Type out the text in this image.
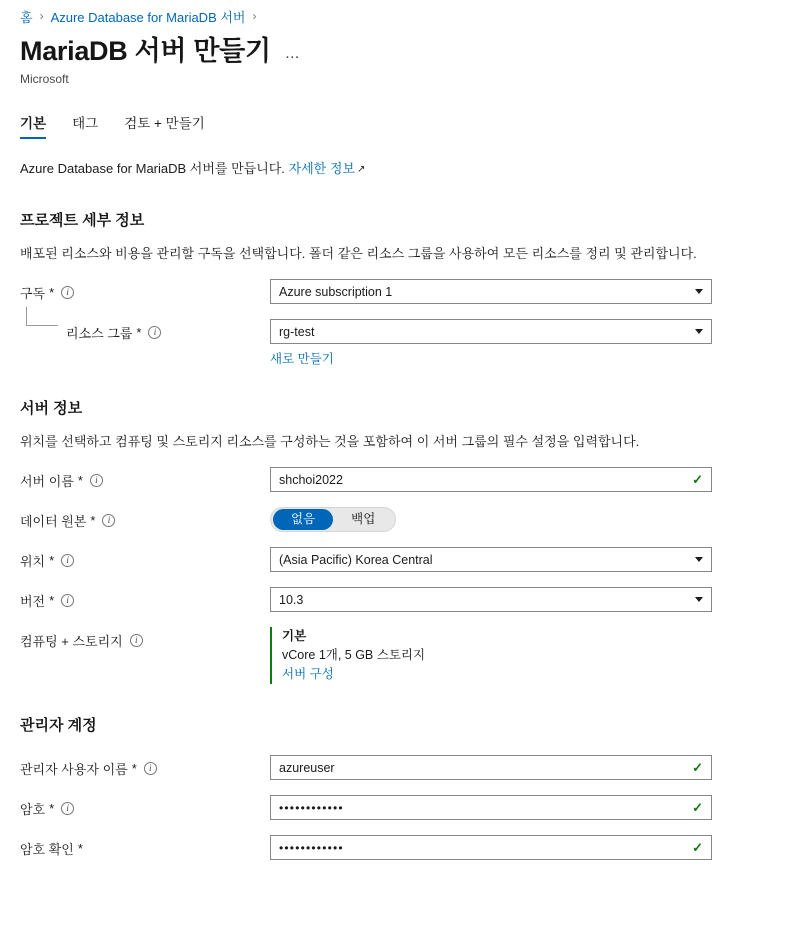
홈 › Azure Database for MariaDB 서버 ›
MariaDB 서버 만들기 …
Microsoft
기본 태그 검토 + 만들기
Azure Database for MariaDB 서버를 만듭니다. 자세한 정보 ↗
프로젝트 세부 정보
배포된 리소스와 비용을 관리할 구독을 선택합니다. 폴더 같은 리소스 그룹을 사용하여 모든 리소스를 정리 및 관리합니다.
구독 *	i	Azure subscription 1
리소스 그룹 *	i	rg-test
새로 만들기
서버 정보
위치를 선택하고 컴퓨팅 및 스토리지 리소스를 구성하는 것을 포함하여 이 서버 그룹의 필수 설정을 입력합니다.
서버 이름 *	i	shchoi2022	✓
데이터 원본 *	i	없음	백업
위치 *	i	(Asia Pacific) Korea Central
버전 *	i	10.3
컴퓨팅 + 스토리지	i	기본
vCore 1개, 5 GB 스토리지
서버 구성
관리자 계정
관리자 사용자 이름 *	i	azureuser	✓
암호 *	i	••••••••••••	✓
암호 확인 *	••••••••••••	✓
